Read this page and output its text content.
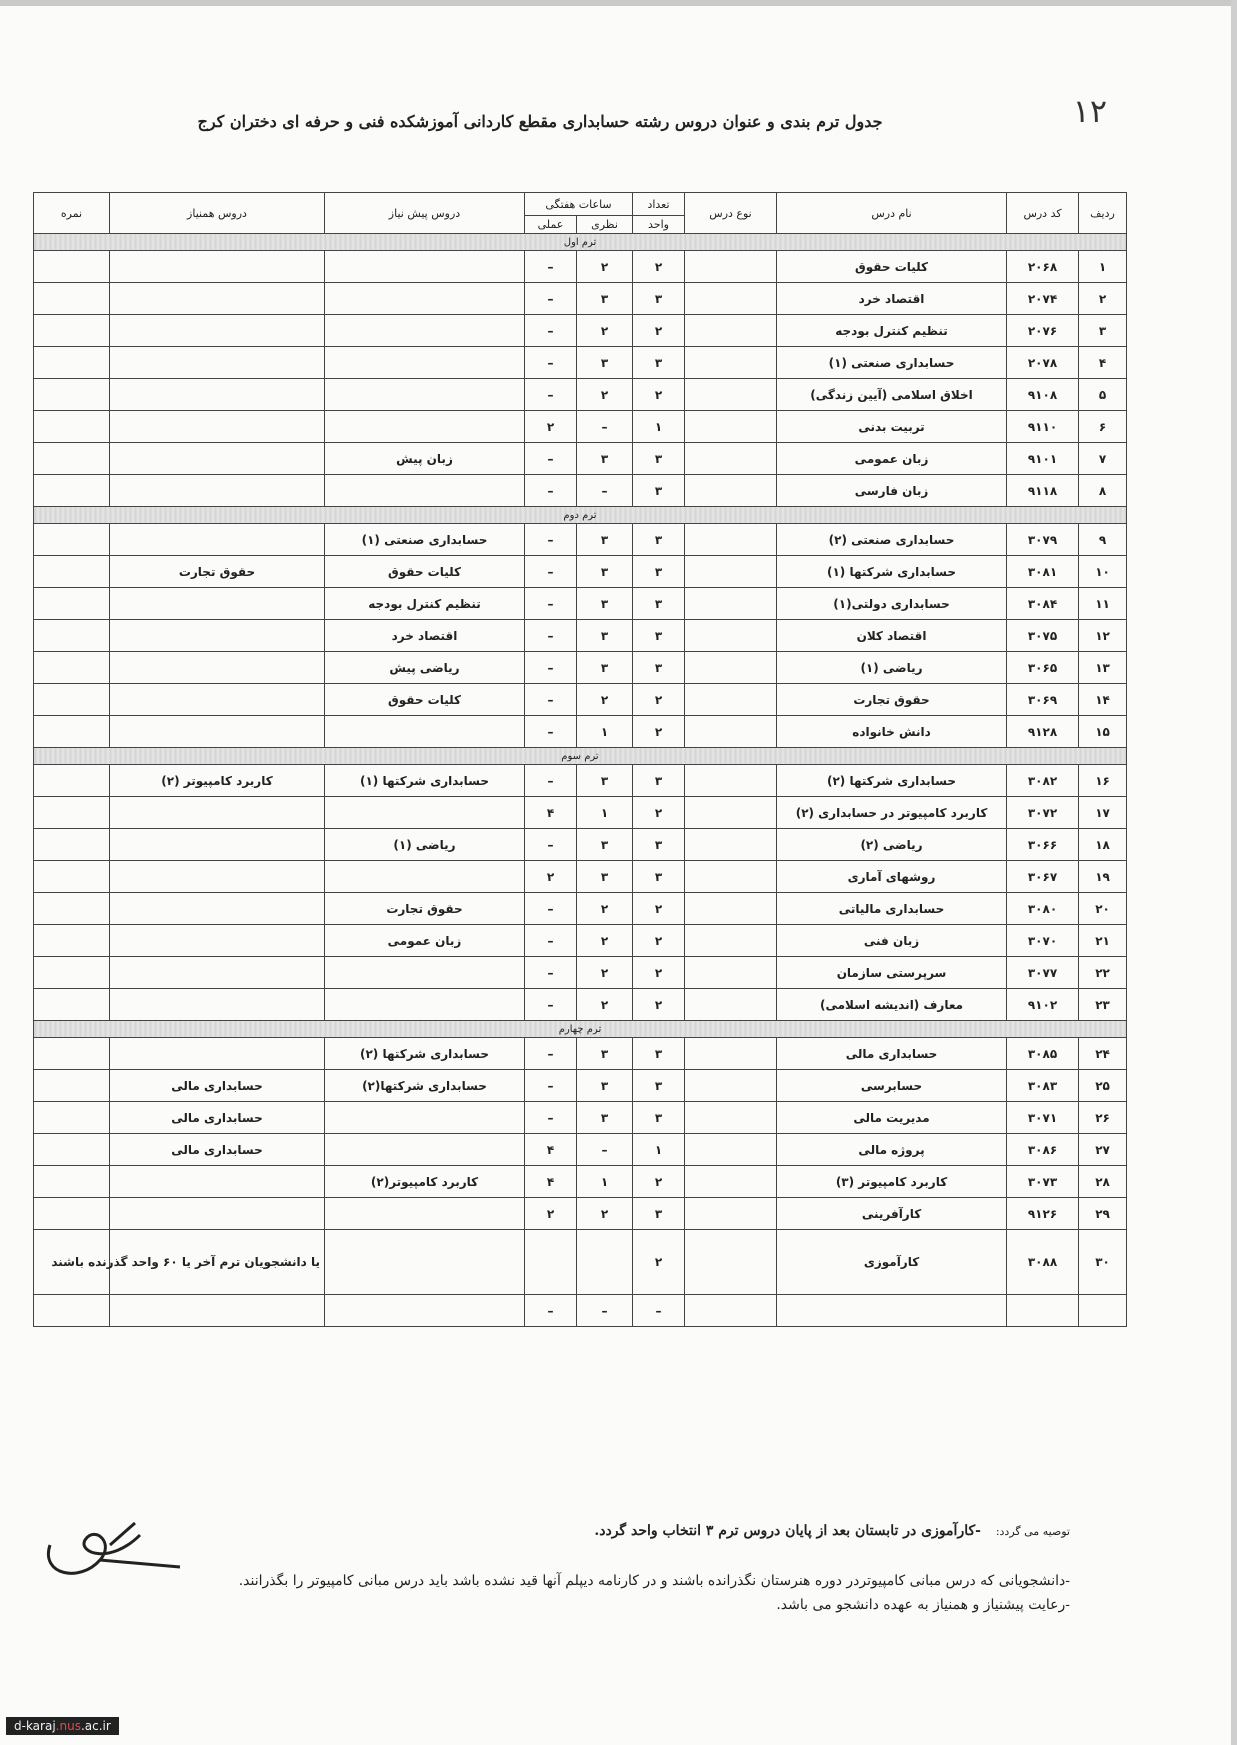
۱۲
جدول ترم بندی و عنوان دروس رشته حسابداری مقطع کاردانی آموزشکده فنی و حرفه ای دختران کرج
ردیف	کد درس	نام درس	نوع درس	تعداد	ساعات هفتگی		دروس پیش نیاز	دروس همنیاز	نمره
				واحد	نظری	عملی			
ترم اول									
۱	۲۰۶۸	کلیات حقوق		۲	۲	–			
۲	۲۰۷۴	اقتصاد خرد		۳	۳	–			
۳	۲۰۷۶	تنظیم کنترل بودجه		۲	۲	–			
۴	۲۰۷۸	حسابداری صنعتی (۱)		۳	۳	–			
۵	۹۱۰۸	اخلاق اسلامی (آیین زندگی)		۲	۲	–			
۶	۹۱۱۰	تربیت بدنی		۱	–	۲			
۷	۹۱۰۱	زبان عمومی		۳	۳	–	زبان پیش		
۸	۹۱۱۸	زبان فارسی		۳	–	–			
ترم دوم									
۹	۳۰۷۹	حسابداری صنعتی (۲)		۳	۳	–	حسابداری صنعتی (۱)		
۱۰	۳۰۸۱	حسابداری شرکتها (۱)		۳	۳	–	کلیات حقوق	حقوق تجارت	
۱۱	۳۰۸۴	حسابداری دولتی(۱)		۳	۳	–	تنظیم کنترل بودجه		
۱۲	۳۰۷۵	اقتصاد کلان		۳	۳	–	اقتصاد خرد		
۱۳	۳۰۶۵	ریاضی (۱)		۳	۳	–	ریاضی پیش		
۱۴	۳۰۶۹	حقوق تجارت		۲	۲	–	کلیات حقوق		
۱۵	۹۱۲۸	دانش خانواده		۲	۱	–			
ترم سوم									
۱۶	۳۰۸۲	حسابداری شرکتها (۲)		۳	۳	–	حسابداری شرکتها (۱)	کاربرد کامپیوتر (۲)	
۱۷	۳۰۷۲	کاربرد کامپیوتر در حسابداری (۲)		۲	۱	۴			
۱۸	۳۰۶۶	ریاضی (۲)		۳	۳	–	ریاضی (۱)		
۱۹	۳۰۶۷	روشهای آماری		۳	۳	۲			
۲۰	۳۰۸۰	حسابداری مالیاتی		۲	۲	–	حقوق تجارت		
۲۱	۳۰۷۰	زبان فنی		۲	۲	–	زبان عمومی		
۲۲	۳۰۷۷	سرپرستی سازمان		۲	۲	–			
۲۳	۹۱۰۲	معارف (اندیشه اسلامی)		۲	۲	–			
ترم چهارم									
۲۴	۳۰۸۵	حسابداری مالی		۳	۳	–	حسابداری شرکتها (۲)		
۲۵	۳۰۸۳	حسابرسی		۳	۳	–	حسابداری شرکتها(۲)	حسابداری مالی	
۲۶	۳۰۷۱	مدیریت مالی		۳	۳	–		حسابداری مالی	
۲۷	۳۰۸۶	پروژه مالی		۱	–	۴		حسابداری مالی	
۲۸	۳۰۷۳	کاربرد کامپیوتر (۳)		۲	۱	۴	کاربرد کامپیوتر(۲)		
۲۹	۹۱۲۶	کارآفرینی		۳	۲	۲			
۳۰	۳۰۸۸	کارآموزی		۲				یا دانشجویان ترم آخر یا ۶۰ واحد گذرنده باشند	
				–	–	–			
توصیه می گردد: -کارآموزی در تابستان بعد از پایان دروس ترم ۳ انتخاب واحد گردد.
-دانشجویانی که درس مبانی کامپیوتردر دوره هنرستان نگذرانده باشند و در کارنامه دیپلم آنها قید نشده باشد باید درس مبانی کامپیوتر را بگذرانند.
-رعایت پیشنیاز و همنیاز به عهده دانشجو می باشد.
d-karaj.nus.ac.ir
